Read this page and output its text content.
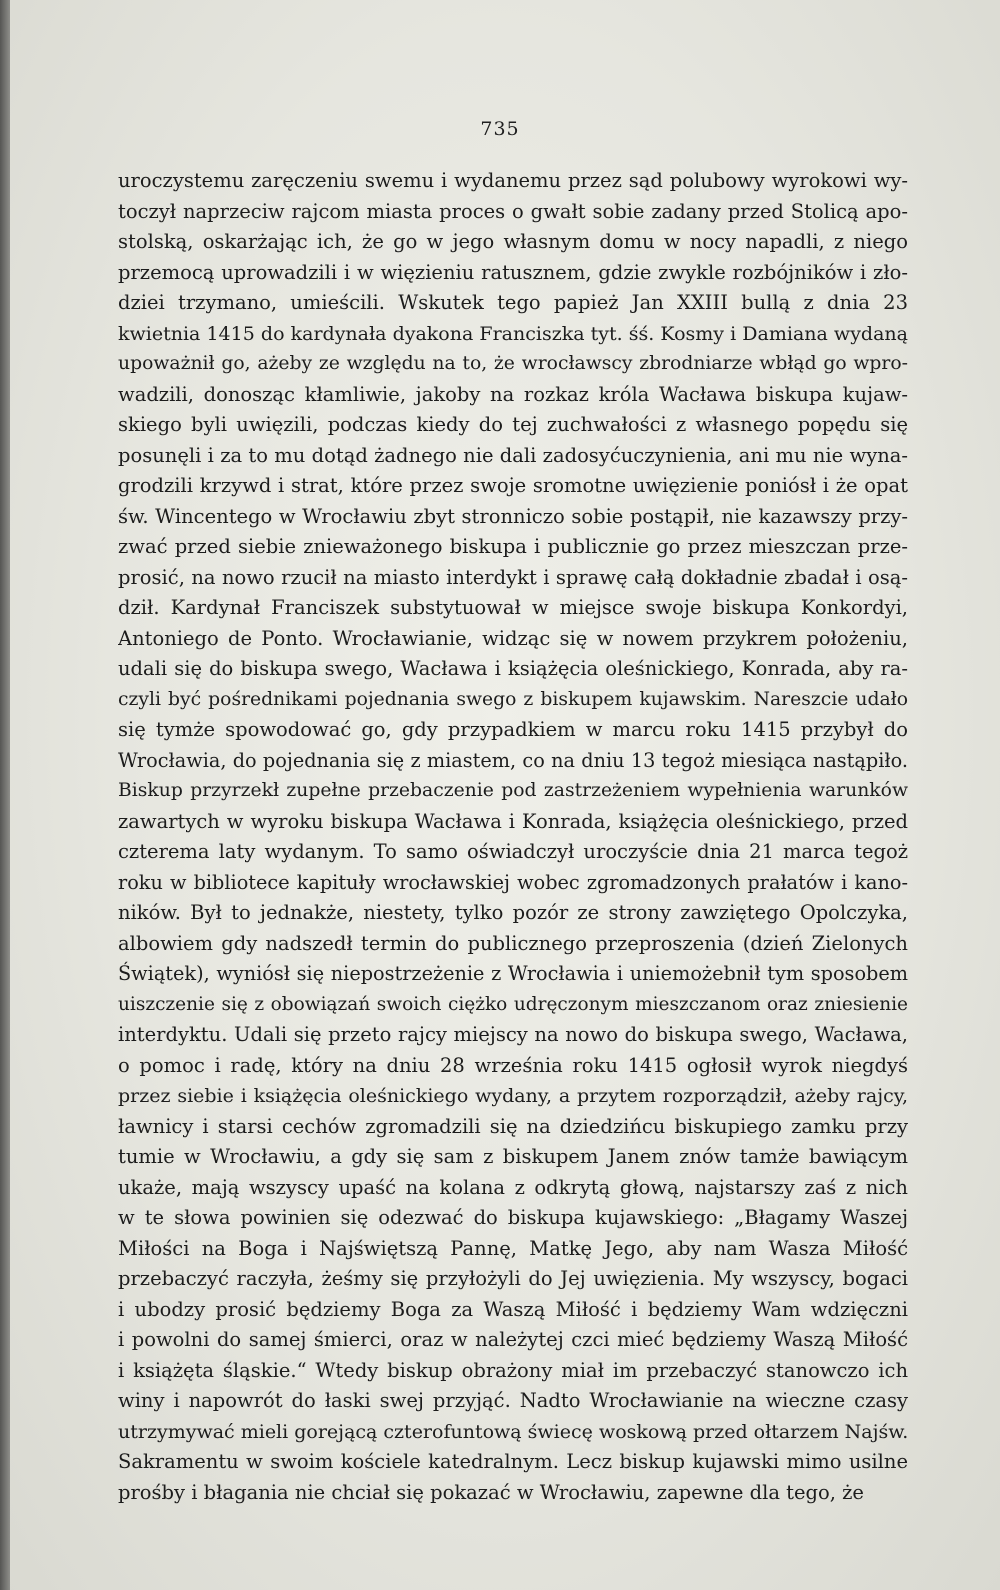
735
uroczystemu zaręczeniu swemu i wydanemu przez sąd polubowy wyrokowi wy-
toczył naprzeciw rajcom miasta proces o gwałt sobie zadany przed Stolicą apo-
stolską, oskarżając ich, że go w jego własnym domu w nocy napadli, z niego
przemocą uprowadzili i w więzieniu ratusznem, gdzie zwykle rozbójników i zło-
dziei trzymano, umieścili. Wskutek tego papież Jan XXIII bullą z dnia 23
kwietnia 1415 do kardynała dyakona Franciszka tyt. śś. Kosmy i Damiana wydaną
upoważnił go, ażeby ze względu na to, że wrocławscy zbrodniarze wbłąd go wpro-
wadzili, donosząc kłamliwie, jakoby na rozkaz króla Wacława biskupa kujaw-
skiego byli uwięzili, podczas kiedy do tej zuchwałości z własnego popędu się
posunęli i za to mu dotąd żadnego nie dali zadosyćuczynienia, ani mu nie wyna-
grodzili krzywd i strat, które przez swoje sromotne uwięzienie poniósł i że opat
św. Wincentego w Wrocławiu zbyt stronniczo sobie postąpił, nie kazawszy przy-
zwać przed siebie znieważonego biskupa i publicznie go przez mieszczan prze-
prosić, na nowo rzucił na miasto interdykt i sprawę całą dokładnie zbadał i osą-
dził. Kardynał Franciszek substytuował w miejsce swoje biskupa Konkordyi,
Antoniego de Ponto. Wrocławianie, widząc się w nowem przykrem położeniu,
udali się do biskupa swego, Wacława i książęcia oleśnickiego, Konrada, aby ra-
czyli być pośrednikami pojednania swego z biskupem kujawskim. Nareszcie udało
się tymże spowodować go, gdy przypadkiem w marcu roku 1415 przybył do
Wrocławia, do pojednania się z miastem, co na dniu 13 tegoż miesiąca nastąpiło.
Biskup przyrzekł zupełne przebaczenie pod zastrzeżeniem wypełnienia warunków
zawartych w wyroku biskupa Wacława i Konrada, książęcia oleśnickiego, przed
czterema laty wydanym. To samo oświadczył uroczyście dnia 21 marca tegoż
roku w bibliotece kapituły wrocławskiej wobec zgromadzonych prałatów i kano-
ników. Był to jednakże, niestety, tylko pozór ze strony zawziętego Opolczyka,
albowiem gdy nadszedł termin do publicznego przeproszenia (dzień Zielonych
Świątek), wyniósł się niepostrzeżenie z Wrocławia i uniemożebnił tym sposobem
uiszczenie się z obowiązań swoich ciężko udręczonym mieszczanom oraz zniesienie
interdyktu. Udali się przeto rajcy miejscy na nowo do biskupa swego, Wacława,
o pomoc i radę, który na dniu 28 września roku 1415 ogłosił wyrok niegdyś
przez siebie i książęcia oleśnickiego wydany, a przytem rozporządził, ażeby rajcy,
ławnicy i starsi cechów zgromadzili się na dziedzińcu biskupiego zamku przy
tumie w Wrocławiu, a gdy się sam z biskupem Janem znów tamże bawiącym
ukaże, mają wszyscy upaść na kolana z odkrytą głową, najstarszy zaś z nich
w te słowa powinien się odezwać do biskupa kujawskiego: „Błagamy Waszej
Miłości na Boga i Najświętszą Pannę, Matkę Jego, aby nam Wasza Miłość
przebaczyć raczyła, żeśmy się przyłożyli do Jej uwięzienia. My wszyscy, bogaci
i ubodzy prosić będziemy Boga za Waszą Miłość i będziemy Wam wdzięczni
i powolni do samej śmierci, oraz w należytej czci mieć będziemy Waszą Miłość
i książęta śląskie.“ Wtedy biskup obrażony miał im przebaczyć stanowczo ich
winy i napowrót do łaski swej przyjąć. Nadto Wrocławianie na wieczne czasy
utrzymywać mieli gorejącą czterofuntową świecę woskową przed ołtarzem Najśw.
Sakramentu w swoim kościele katedralnym. Lecz biskup kujawski mimo usilne
prośby i błagania nie chciał się pokazać w Wrocławiu, zapewne dla tego, że
